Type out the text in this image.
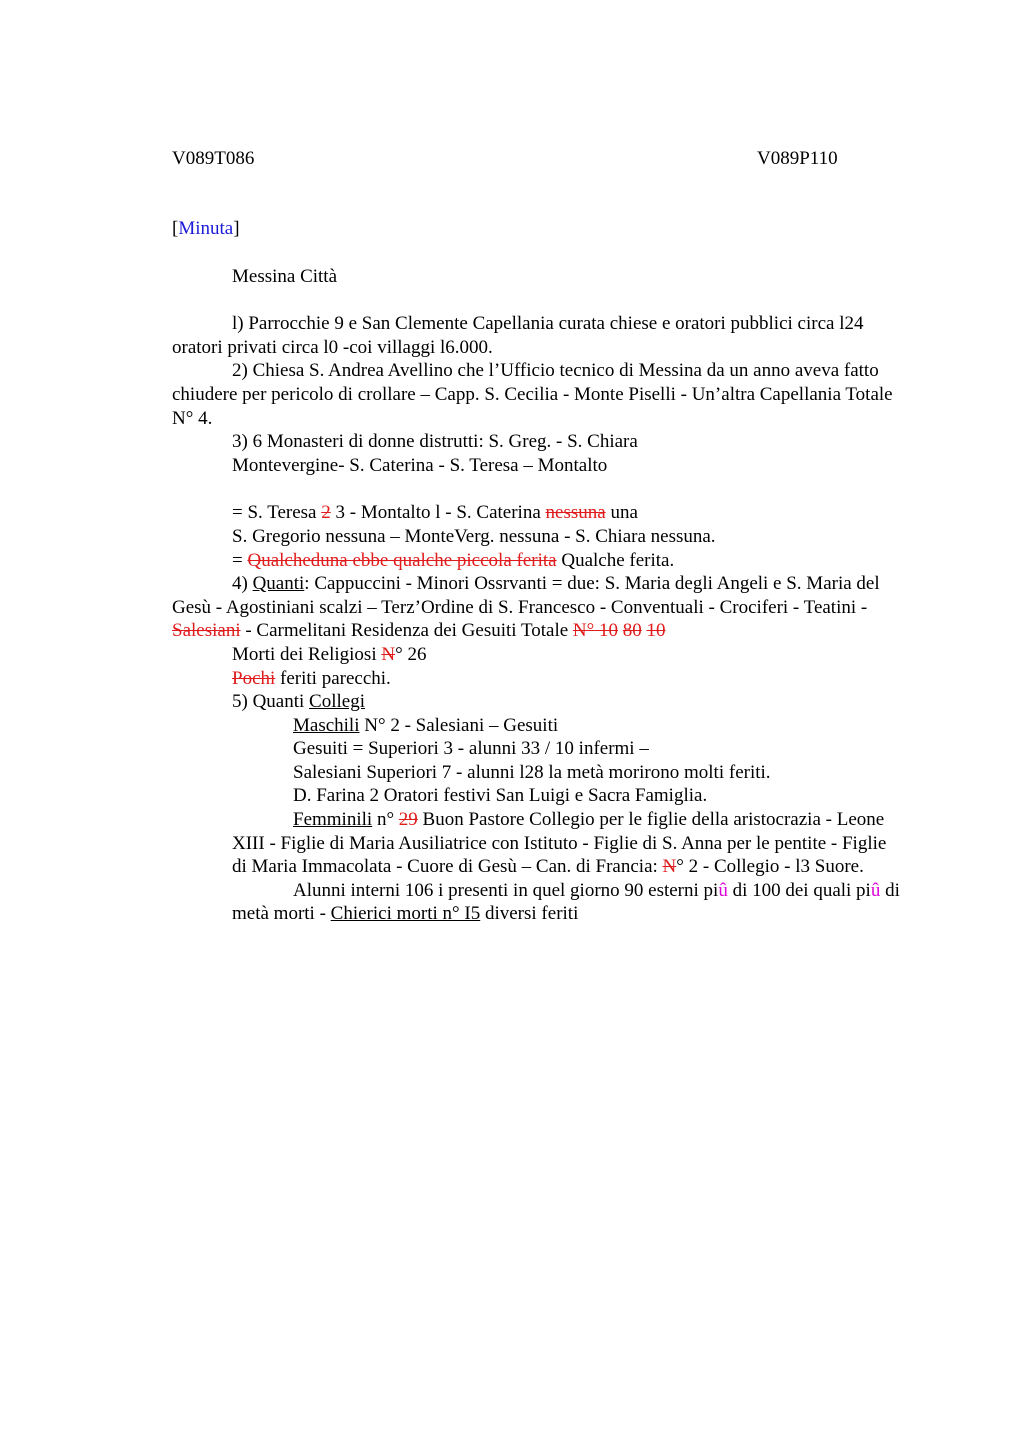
V089T086	V089P110

[Minuta]

Messina Città

l) Parrocchie 9 e San Clemente Capellania curata chiese e oratori pubblici circa l24 oratori privati circa l0 -coi villaggi l6.000.

2) Chiesa S. Andrea Avellino che l’Ufficio tecnico di Messina da un anno aveva fatto chiudere per pericolo di crollare – Capp. S. Cecilia - Monte Piselli - Un’altra Capellania Totale N° 4.

3) 6 Monasteri di donne distrutti: S. Greg. - S. Chiara

Montevergine- S. Caterina - S. Teresa – Montalto

= S. Teresa 2 3 - Montalto l - S. Caterina nessuna una

S. Gregorio nessuna – MonteVerg. nessuna - S. Chiara nessuna.

= Qualcheduna ebbe qualche piccola ferita Qualche ferita.

4) Quanti: Cappuccini - Minori Ossrvanti = due: S. Maria degli Angeli e S. Maria del Gesù - Agostiniani scalzi – Terz’Ordine di S. Francesco - Conventuali - Crociferi - Teatini - Salesiani - Carmelitani Residenza dei Gesuiti Totale N° 10 80 10

Morti dei Religiosi N° 26

Pochi feriti parecchi.

5) Quanti Collegi

Maschili N° 2 - Salesiani – Gesuiti

Gesuiti = Superiori 3 - alunni 33 / 10 infermi –

Salesiani Superiori 7 - alunni l28 la metà morirono molti feriti.

D. Farina 2 Oratori festivi San Luigi e Sacra Famiglia.

Femminili n° 29 Buon Pastore Collegio per le figlie della aristocrazia - Leone XIII - Figlie di Maria Ausiliatrice con Istituto - Figlie di S. Anna per le pentite - Figlie di Maria Immacolata - Cuore di Gesù – Can. di Francia: N° 2 - Collegio - l3 Suore.

Alunni interni 106 i presenti in quel giorno 90 esterni piû di 100 dei quali piû di metà morti - Chierici morti n° I5 diversi feriti
